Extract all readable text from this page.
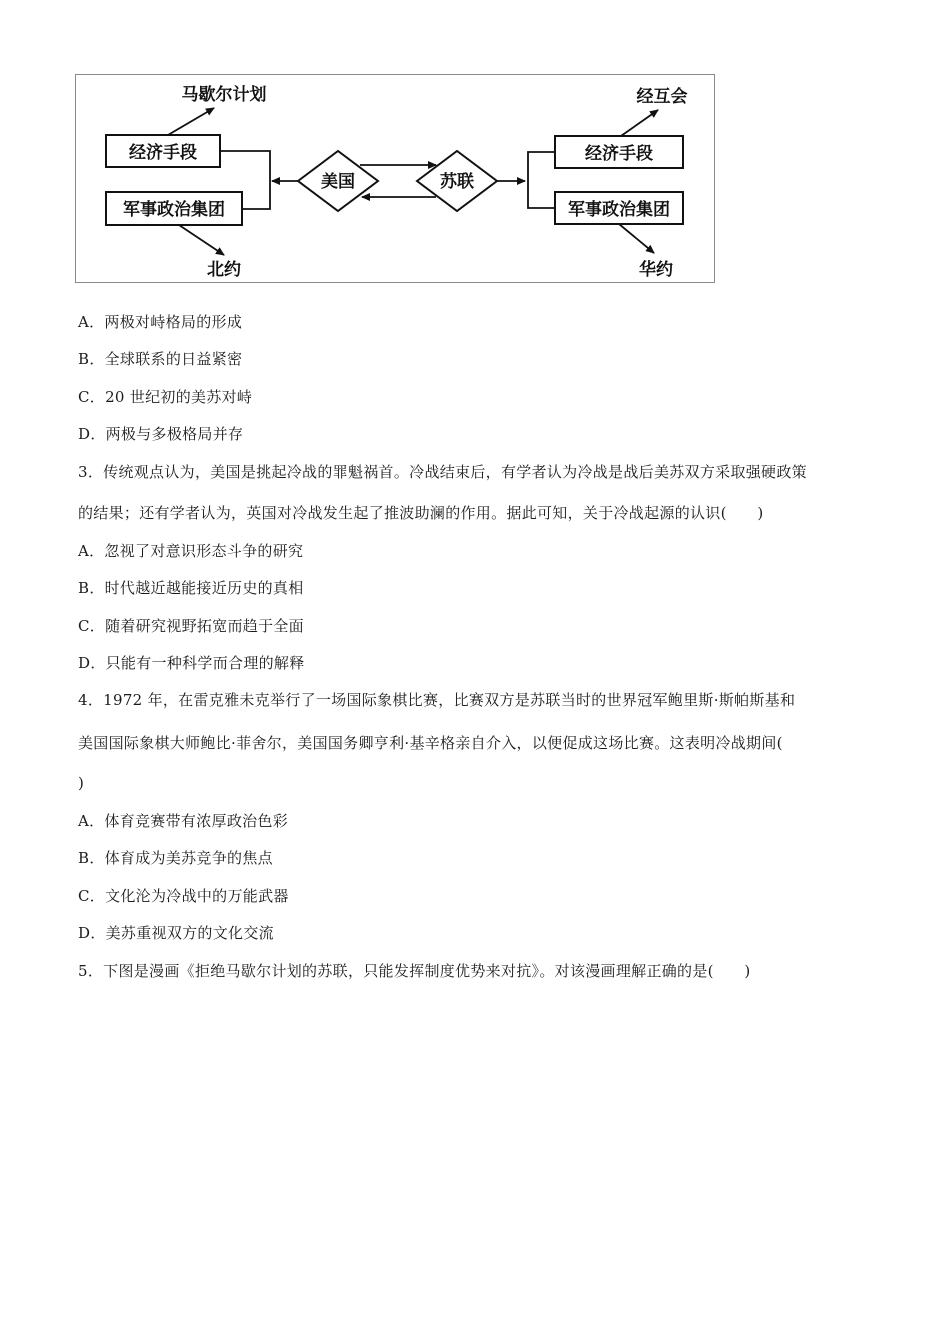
美国	苏联
经济手段
军事政治集团
经济手段
军事政治集团
马歇尔计划
北约
经互会
华约
A．两极对峙格局的形成
B．全球联系的日益紧密
C．20 世纪初的美苏对峙
D．两极与多极格局并存
3．传统观点认为，美国是挑起冷战的罪魁祸首。冷战结束后，有学者认为冷战是战后美苏双方采取强硬政策
的结果；还有学者认为，英国对冷战发生起了推波助澜的作用。据此可知，关于冷战起源的认识(　　)
A．忽视了对意识形态斗争的研究
B．时代越近越能接近历史的真相
C．随着研究视野拓宽而趋于全面
D．只能有一种科学而合理的解释
4．1972 年，在雷克雅未克举行了一场国际象棋比赛，比赛双方是苏联当时的世界冠军鲍里斯·斯帕斯基和
美国国际象棋大师鲍比·菲舍尔，美国国务卿亨利·基辛格亲自介入，以便促成这场比赛。这表明冷战期间(
)
A．体育竞赛带有浓厚政治色彩
B．体育成为美苏竞争的焦点
C．文化沦为冷战中的万能武器
D．美苏重视双方的文化交流
5．下图是漫画《拒绝马歇尔计划的苏联，只能发挥制度优势来对抗》。对该漫画理解正确的是(　　)
